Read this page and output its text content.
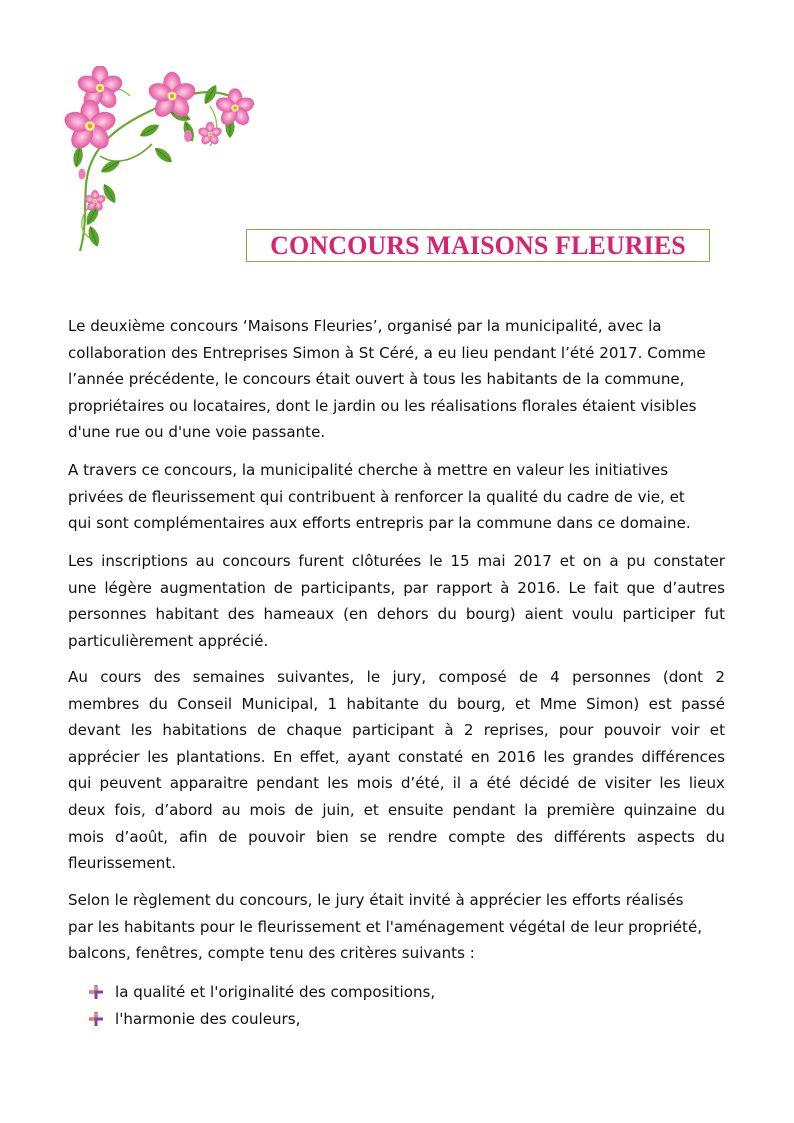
CONCOURS MAISONS FLEURIES
Le deuxième concours ‘Maisons Fleuries’, organisé par la municipalité, avec la
collaboration des Entreprises Simon à St Céré, a eu lieu pendant l’été 2017. Comme
l’année précédente, le concours était ouvert à tous les habitants de la commune,
propriétaires ou locataires, dont le jardin ou les réalisations florales étaient visibles
d'une rue ou d'une voie passante.
A travers ce concours, la municipalité cherche à mettre en valeur les initiatives
privées de fleurissement qui contribuent à renforcer la qualité du cadre de vie, et
qui sont complémentaires aux efforts entrepris par la commune dans ce domaine.
Les inscriptions au concours furent clôturées le 15 mai 2017 et on a pu constater
une légère augmentation de participants, par rapport à 2016. Le fait que d’autres
personnes habitant des hameaux (en dehors du bourg) aient voulu participer fut
particulièrement apprécié.
Au cours des semaines suivantes, le jury, composé de 4 personnes (dont 2
membres du Conseil Municipal, 1 habitante du bourg, et Mme Simon) est passé
devant les habitations de chaque participant à 2 reprises, pour pouvoir voir et
apprécier les plantations. En effet, ayant constaté en 2016 les grandes différences
qui peuvent apparaitre pendant les mois d’été, il a été décidé de visiter les lieux
deux fois, d’abord au mois de juin, et ensuite pendant la première quinzaine du
mois d’août, afin de pouvoir bien se rendre compte des différents aspects du
fleurissement.
Selon le règlement du concours, le jury était invité à apprécier les efforts réalisés
par les habitants pour le fleurissement et l'aménagement végétal de leur propriété,
balcons, fenêtres, compte tenu des critères suivants :
la qualité et l'originalité des compositions,
l'harmonie des couleurs,
